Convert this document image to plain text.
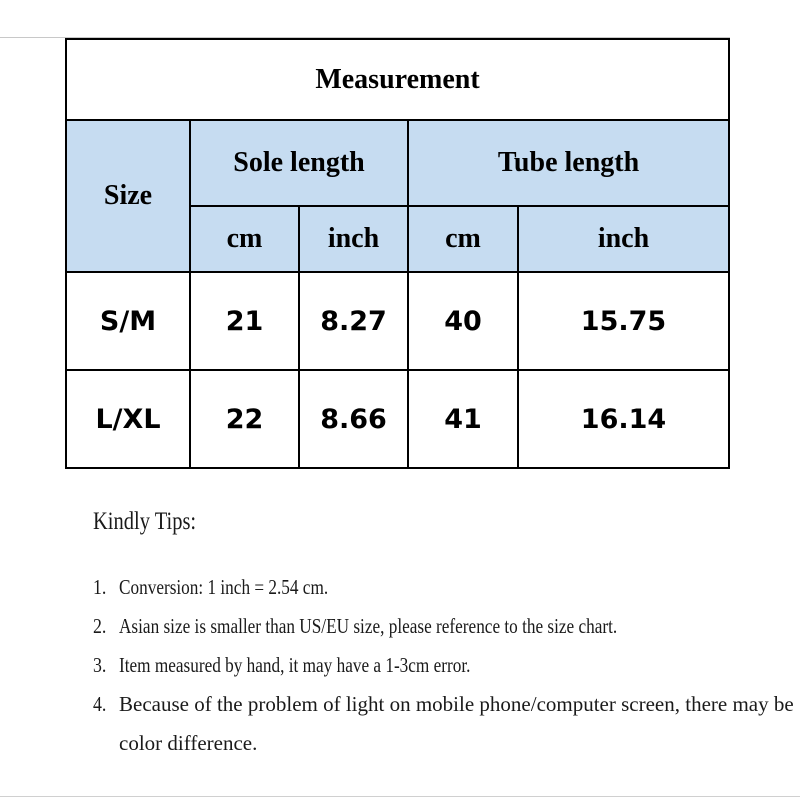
Measurement				
Size	Sole length		Tube length	
	cm	inch	cm	inch
S/M	21	8.27	40	15.75
L/XL	22	8.66	41	16.14
Kindly Tips:
1. Conversion: 1 inch = 2.54 cm.
2. Asian size is smaller than US/EU size, please reference to the size chart.
3. Item measured by hand, it may have a 1-3cm error.
4. Because of the problem of light on mobile phone/computer screen, there may be
color difference.
